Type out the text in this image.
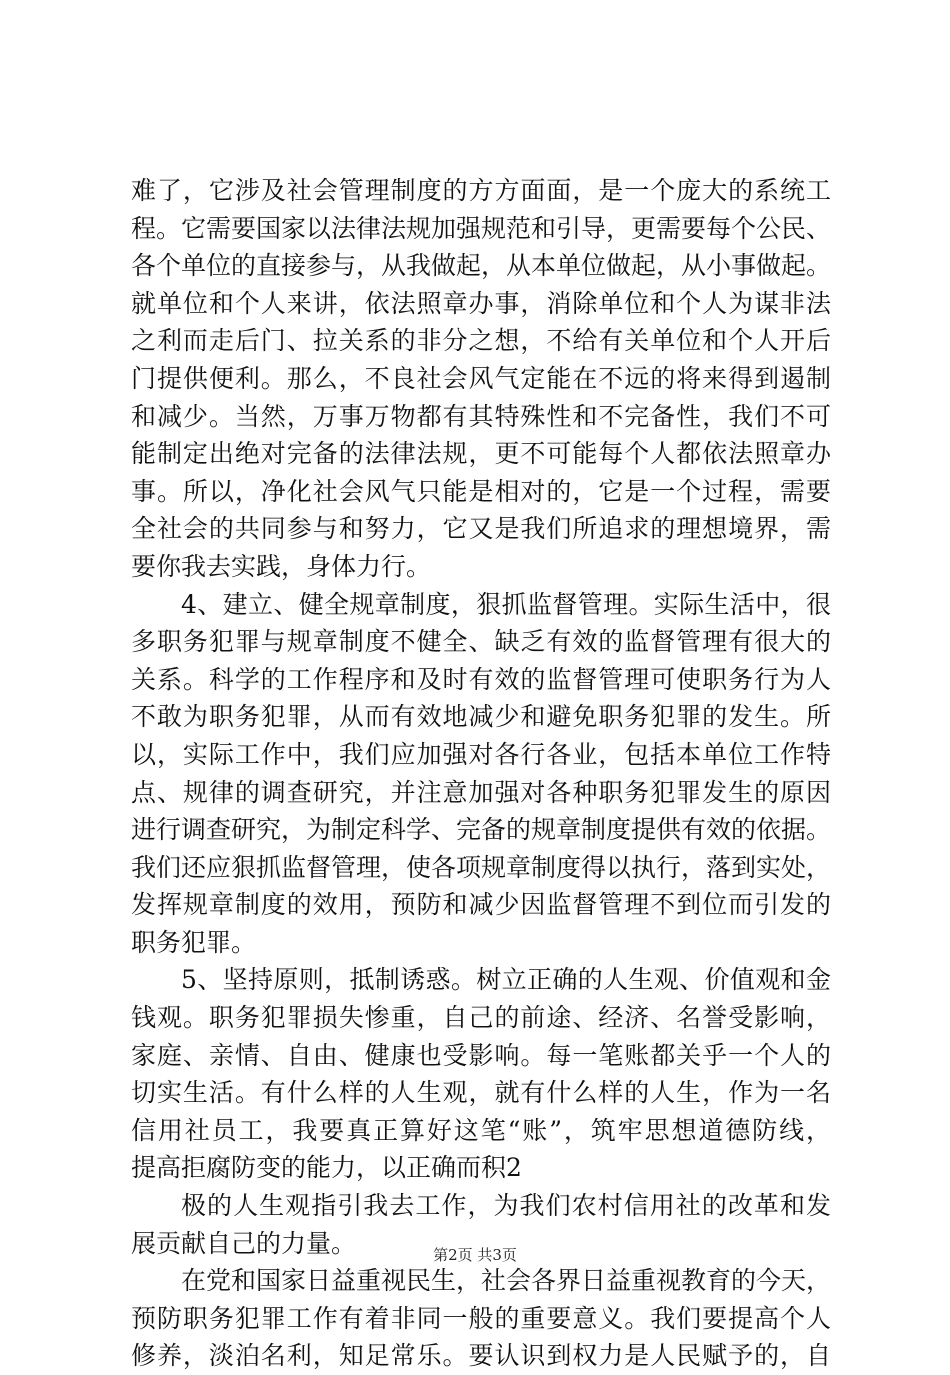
难了，它涉及社会管理制度的方方面面，是一个庞大的系统工
程。它需要国家以法律法规加强规范和引导，更需要每个公民、
各个单位的直接参与，从我做起，从本单位做起，从小事做起。
就单位和个人来讲，依法照章办事，消除单位和个人为谋非法
之利而走后门、拉关系的非分之想，不给有关单位和个人开后
门提供便利。那么，不良社会风气定能在不远的将来得到遏制
和减少。当然，万事万物都有其特殊性和不完备性，我们不可
能制定出绝对完备的法律法规，更不可能每个人都依法照章办
事。所以，净化社会风气只能是相对的，它是一个过程，需要
全社会的共同参与和努力，它又是我们所追求的理想境界，需
要你我去实践，身体力行。
4、建立、健全规章制度，狠抓监督管理。实际生活中，很
多职务犯罪与规章制度不健全、缺乏有效的监督管理有很大的
关系。科学的工作程序和及时有效的监督管理可使职务行为人
不敢为职务犯罪，从而有效地减少和避免职务犯罪的发生。所
以，实际工作中，我们应加强对各行各业，包括本单位工作特
点、规律的调查研究，并注意加强对各种职务犯罪发生的原因
进行调查研究，为制定科学、完备的规章制度提供有效的依据。
我们还应狠抓监督管理，使各项规章制度得以执行，落到实处，
发挥规章制度的效用，预防和减少因监督管理不到位而引发的
职务犯罪。
5、坚持原则，抵制诱惑。树立正确的人生观、价值观和金
钱观。职务犯罪损失惨重，自己的前途、经济、名誉受影响，
家庭、亲情、自由、健康也受影响。每一笔账都关乎一个人的
切实生活。有什么样的人生观，就有什么样的人生，作为一名
信用社员工，我要真正算好这笔“账”，筑牢思想道德防线，
提高拒腐防变的能力，以正确而积2
极的人生观指引我去工作，为我们农村信用社的改革和发
展贡献自己的力量。
在党和国家日益重视民生，社会各界日益重视教育的今天，
预防职务犯罪工作有着非同一般的重要意义。我们要提高个人
修养，淡泊名利，知足常乐。要认识到权力是人民赋予的，自
第2页 共3页
